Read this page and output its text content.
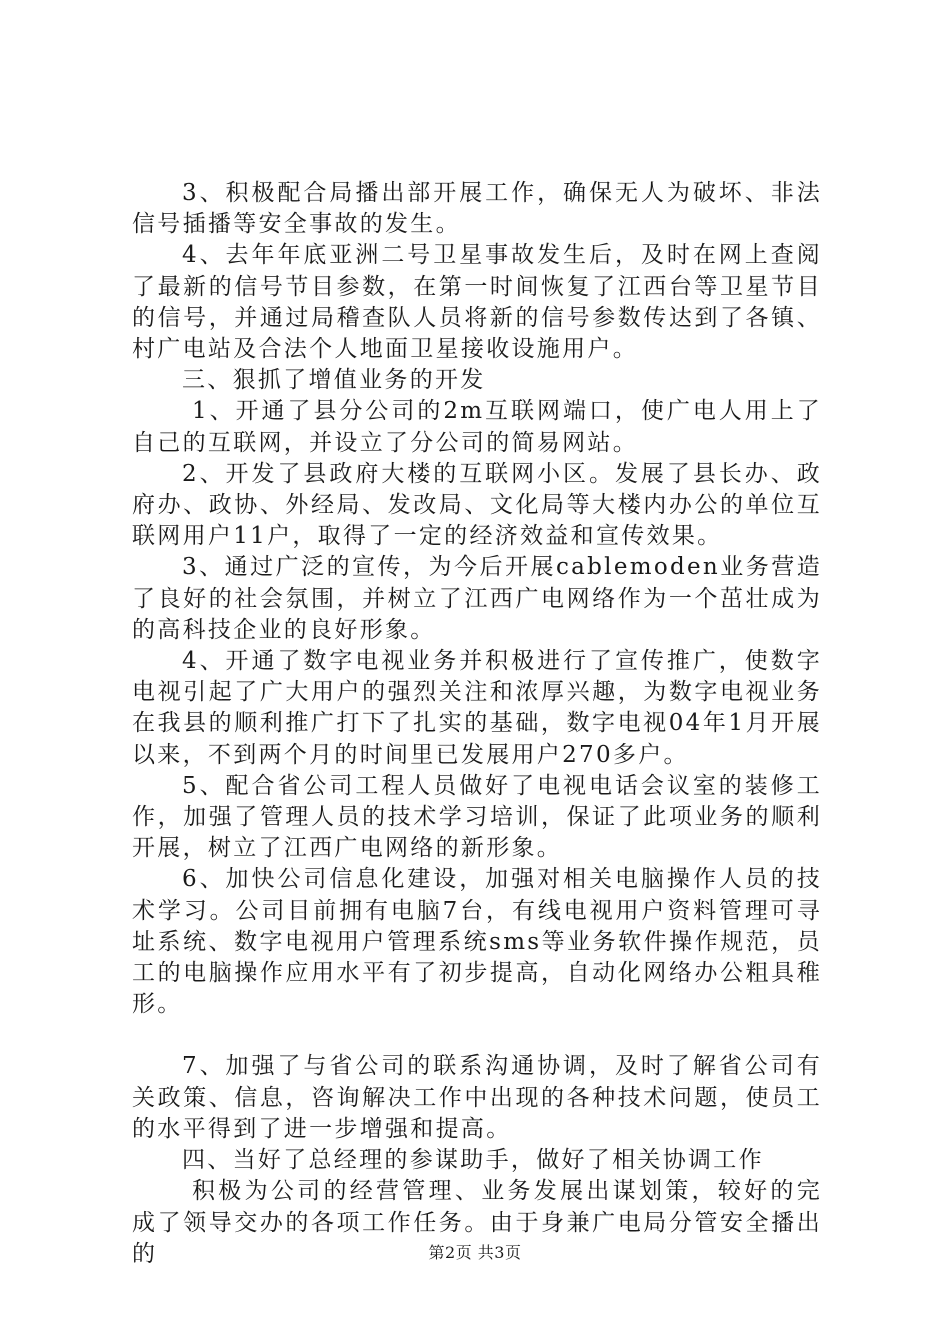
3、积极配合局播出部开展工作，确保无人为破坏、非法信号插播等安全事故的发生。

4、去年年底亚洲二号卫星事故发生后，及时在网上查阅了最新的信号节目参数，在第一时间恢复了江西台等卫星节目的信号，并通过局稽查队人员将新的信号参数传达到了各镇、村广电站及合法个人地面卫星接收设施用户。

三、狠抓了增值业务的开发

1、开通了县分公司的2m互联网端口，使广电人用上了自己的互联网，并设立了分公司的简易网站。

2、开发了县政府大楼的互联网小区。发展了县长办、政府办、政协、外经局、发改局、文化局等大楼内办公的单位互联网用户11户，取得了一定的经济效益和宣传效果。

3、通过广泛的宣传，为今后开展cablemoden业务营造了良好的社会氛围，并树立了江西广电网络作为一个茁壮成为的高科技企业的良好形象。

4、开通了数字电视业务并积极进行了宣传推广，使数字电视引起了广大用户的强烈关注和浓厚兴趣，为数字电视业务在我县的顺利推广打下了扎实的基础，数字电视04年1月开展以来，不到两个月的时间里已发展用户270多户。

5、配合省公司工程人员做好了电视电话会议室的装修工作，加强了管理人员的技术学习培训，保证了此项业务的顺利开展，树立了江西广电网络的新形象。

6、加快公司信息化建设，加强对相关电脑操作人员的技术学习。公司目前拥有电脑7台，有线电视用户资料管理可寻址系统、数字电视用户管理系统sms等业务软件操作规范，员工的电脑操作应用水平有了初步提高，自动化网络办公粗具稚形。

7、加强了与省公司的联系沟通协调，及时了解省公司有关政策、信息，咨询解决工作中出现的各种技术问题，使员工的水平得到了进一步增强和提高。

四、当好了总经理的参谋助手，做好了相关协调工作

积极为公司的经营管理、业务发展出谋划策，较好的完成了领导交办的各项工作任务。由于身兼广电局分管安全播出的	第2页 共3页
